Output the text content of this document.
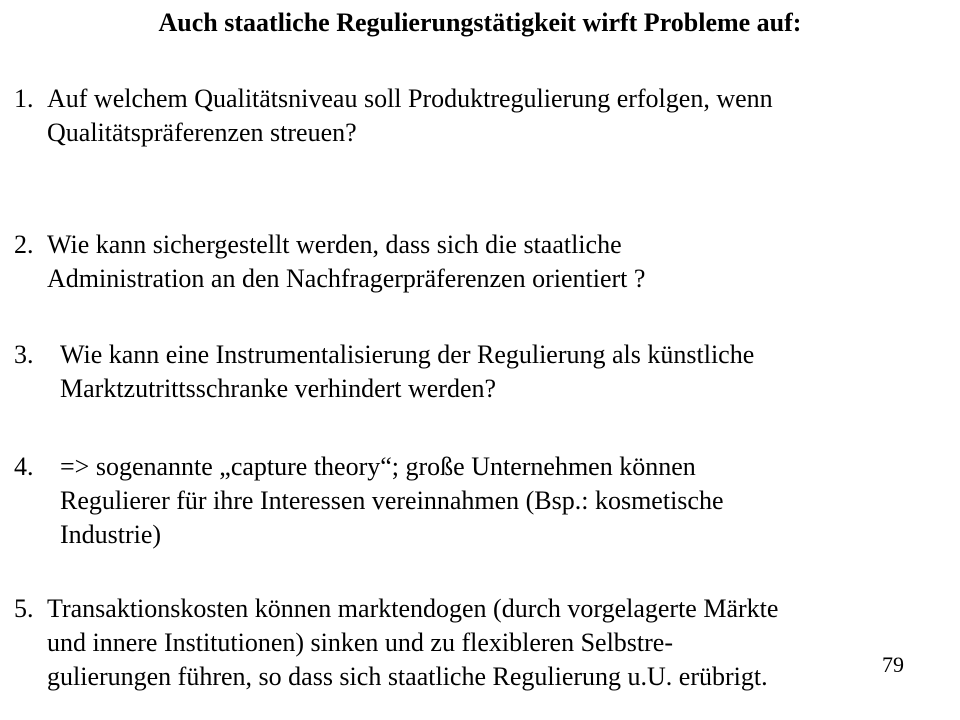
Auch staatliche Regulierungstätigkeit wirft Probleme auf:
1. Auf welchem Qualitätsniveau soll Produktregulierung erfolgen, wenn
Qualitätspräferenzen streuen?
2. Wie kann sichergestellt werden, dass sich die staatliche
Administration an den Nachfragerpräferenzen orientiert ?
3. Wie kann eine Instrumentalisierung der Regulierung als künstliche
Marktzutrittsschranke verhindert werden?
4. => sogenannte „capture theory“; große Unternehmen können
Regulierer für ihre Interessen vereinnahmen (Bsp.: kosmetische
Industrie)
5. Transaktionskosten können marktendogen (durch vorgelagerte Märkte
und innere Institutionen) sinken und zu flexibleren Selbstre-
gulierungen führen, so dass sich staatliche Regulierung u.U. erübrigt.	79
